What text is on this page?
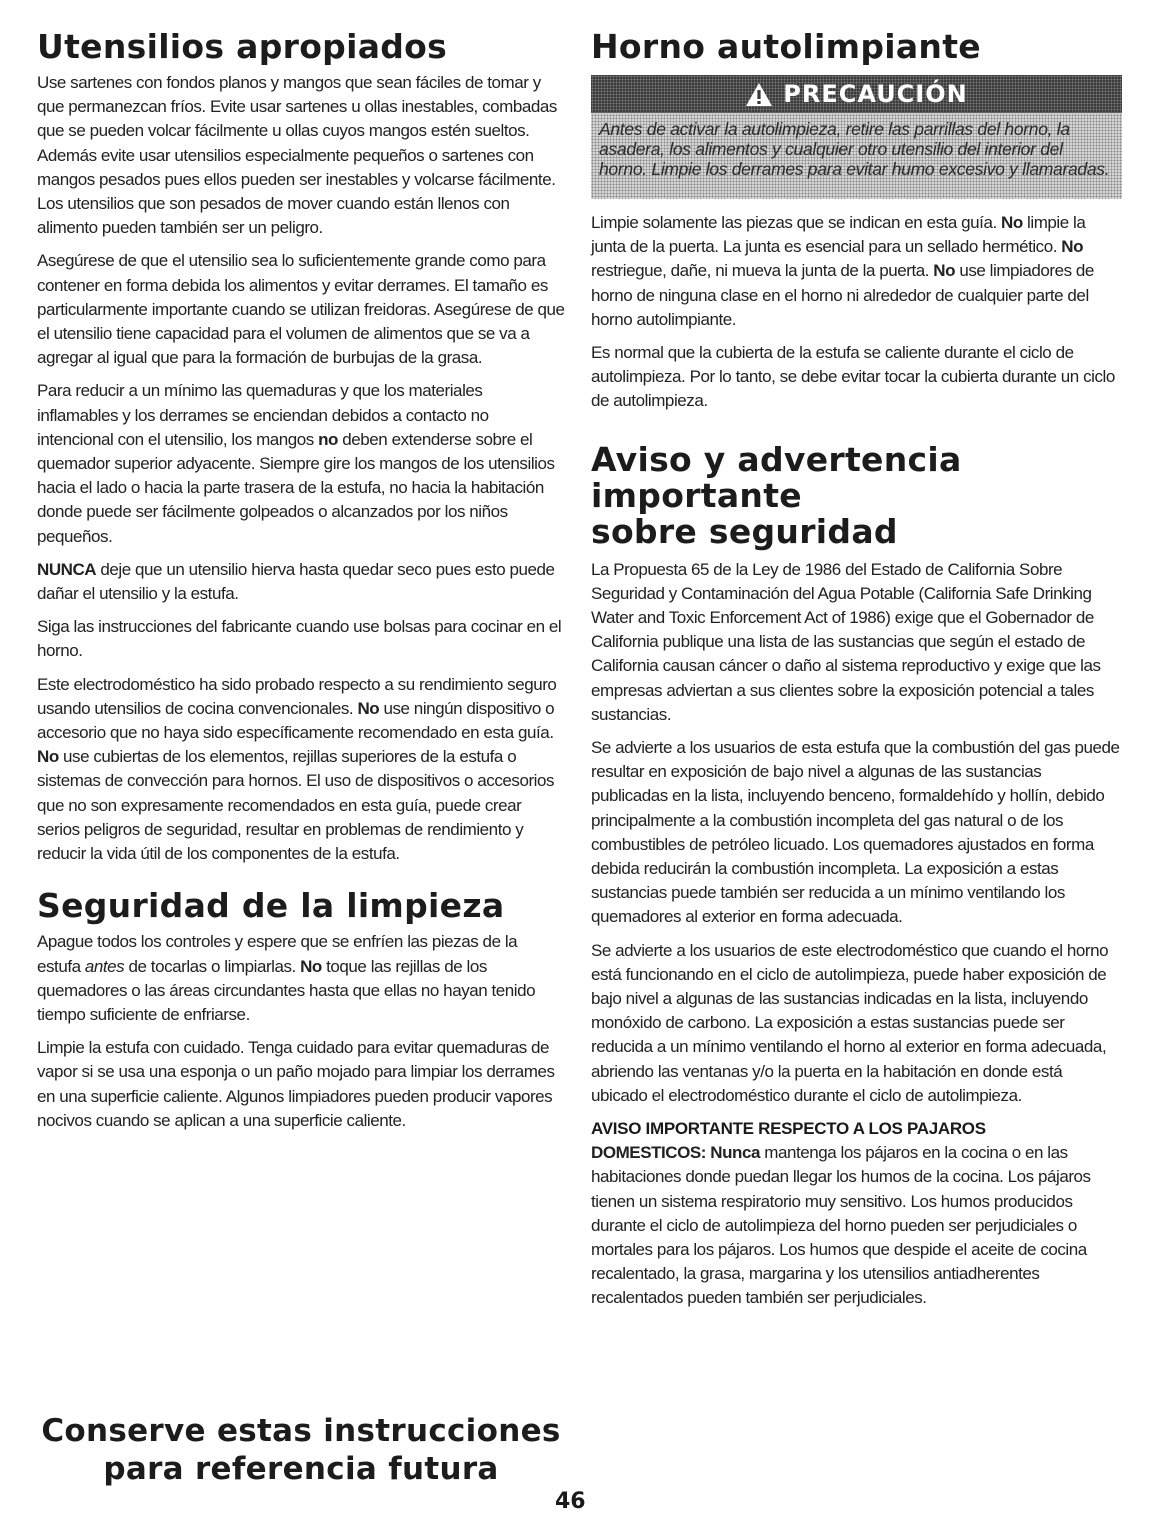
Utensilios apropiados

Use sartenes con fondos planos y mangos que sean fáciles de tomar y que permanezcan fríos. Evite usar sartenes u ollas inestables, combadas que se pueden volcar fácilmente u ollas cuyos mangos estén sueltos. Además evite usar utensilios especialmente pequeños o sartenes con mangos pesados pues ellos pueden ser inestables y volcarse fácilmente. Los utensilios que son pesados de mover cuando están llenos con alimento pueden también ser un peligro.

Asegúrese de que el utensilio sea lo suficientemente grande como para contener en forma debida los alimentos y evitar derrames. El tamaño es particularmente importante cuando se utilizan freidoras. Asegúrese de que el utensilio tiene capacidad para el volumen de alimentos que se va a agregar al igual que para la formación de burbujas de la grasa.

Para reducir a un mínimo las quemaduras y que los materiales inflamables y los derrames se enciendan debidos a contacto no intencional con el utensilio, los mangos no deben extenderse sobre el quemador superior adyacente. Siempre gire los mangos de los utensilios hacia el lado o hacia la parte trasera de la estufa, no hacia la habitación donde puede ser fácilmente golpeados o alcanzados por los niños pequeños.

NUNCA deje que un utensilio hierva hasta quedar seco pues esto puede dañar el utensilio y la estufa.

Siga las instrucciones del fabricante cuando use bolsas para cocinar en el horno.

Este electrodoméstico ha sido probado respecto a su rendimiento seguro usando utensilios de cocina convencionales. No use ningún dispositivo o accesorio que no haya sido específicamente recomendado en esta guía. No use cubiertas de los elementos, rejillas superiores de la estufa o sistemas de convección para hornos. El uso de dispositivos o accesorios que no son expresamente recomendados en esta guía, puede crear serios peligros de seguridad, resultar en problemas de rendimiento y reducir la vida útil de los componentes de la estufa.

Seguridad de la limpieza

Apague todos los controles y espere que se enfríen las piezas de la estufa antes de tocarlas o limpiarlas. No toque las rejillas de los quemadores o las áreas circundantes hasta que ellas no hayan tenido tiempo suficiente de enfriarse.

Limpie la estufa con cuidado. Tenga cuidado para evitar quemaduras de vapor si se usa una esponja o un paño mojado para limpiar los derrames en una superficie caliente. Algunos limpiadores pueden producir vapores nocivos cuando se aplican a una superficie caliente.

Conserve estas instrucciones
para referencia futura
Horno autolimpiante
PRECAUCIÓN
Antes de activar la autolimpieza, retire las parrillas del horno, la asadera, los alimentos y cualquier otro utensilio del interior del horno. Limpie los derrames para evitar humo excesivo y llamaradas.

Limpie solamente las piezas que se indican en esta guía. No limpie la junta de la puerta. La junta es esencial para un sellado hermético. No restriegue, dañe, ni mueva la junta de la puerta. No use limpiadores de horno de ninguna clase en el horno ni alrededor de cualquier parte del horno autolimpiante.

Es normal que la cubierta de la estufa se caliente durante el ciclo de autolimpieza. Por lo tanto, se debe evitar tocar la cubierta durante un ciclo de autolimpieza.

Aviso y advertencia importante
sobre seguridad

La Propuesta 65 de la Ley de 1986 del Estado de California Sobre Seguridad y Contaminación del Agua Potable (California Safe Drinking Water and Toxic Enforcement Act of 1986) exige que el Gobernador de California publique una lista de las sustancias que según el estado de California causan cáncer o daño al sistema reproductivo y exige que las empresas adviertan a sus clientes sobre la exposición potencial a tales sustancias.

Se advierte a los usuarios de esta estufa que la combustión del gas puede resultar en exposición de bajo nivel a algunas de las sustancias publicadas en la lista, incluyendo benceno, formaldehído y hollín, debido principalmente a la combustión incompleta del gas natural o de los combustibles de petróleo licuado. Los quemadores ajustados en forma debida reducirán la combustión incompleta. La exposición a estas sustancias puede también ser reducida a un mínimo ventilando los quemadores al exterior en forma adecuada.

Se advierte a los usuarios de este electrodoméstico que cuando el horno está funcionando en el ciclo de autolimpieza, puede haber exposición de bajo nivel a algunas de las sustancias indicadas en la lista, incluyendo monóxido de carbono. La exposición a estas sustancias puede ser reducida a un mínimo ventilando el horno al exterior en forma adecuada, abriendo las ventanas y/o la puerta en la habitación en donde está ubicado el electrodoméstico durante el ciclo de autolimpieza.

AVISO IMPORTANTE RESPECTO A LOS PAJAROS

DOMESTICOS: Nunca mantenga los pájaros en la cocina o en las habitaciones donde puedan llegar los humos de la cocina. Los pájaros tienen un sistema respiratorio muy sensitivo. Los humos producidos durante el ciclo de autolimpieza del horno pueden ser perjudiciales o mortales para los pájaros. Los humos que despide el aceite de cocina recalentado, la grasa, margarina y los utensilios antiadherentes recalentados pueden también ser perjudiciales.

46
